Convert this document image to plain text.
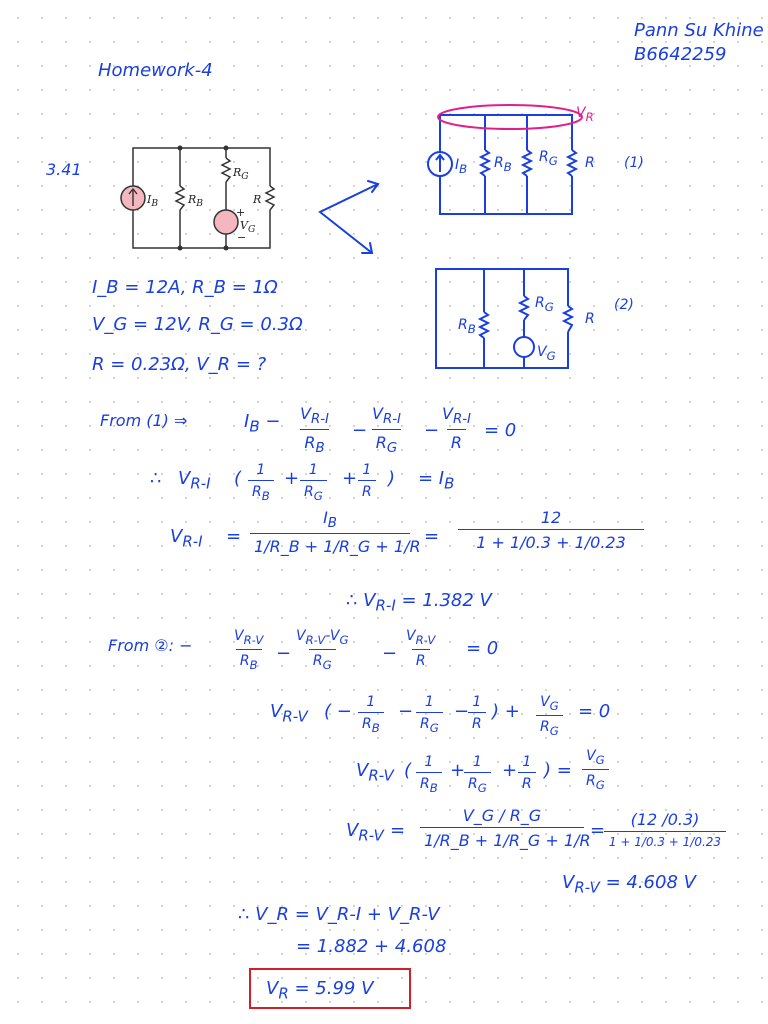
Pann Su Khine
B6642259
Homework-4
3.41
$I_B$	$R_B$
$R_G$
R
+
$V_G$
−
$I_B$ $R_B$
$R_G$ R (1)
$V_R$
$R_B$
$R_G$
R
$V_G$
(2)
I_B = 12A, R_B = 1Ω
V_G = 12V, R_G = 0.3Ω
R = 0.23Ω, V_R = ?
From (1) ⇒	$I_B - \frac{V_{R-I}}{R_B} - \frac{V_{R-I}}{R_G}$ −
$\frac{V_{R-I}}{R} = 0$
∴ $V_{R-I}$ ( $\frac{1}{R_B} + \frac{1}{R_G} + \frac{1}{R}$ ) = $I_B$
$V_{R-I} = \frac{I_B}{1/R\_B + 1/R\_G + 1/R} = \frac{12}{1 + 1/0.3 + 1/0.23}$
∴ $V_{R-I} = 1.382$ V
From ②: −	$\frac{V_{R-V}}{R_B} - \frac{V_{R-V}-V_G}{R_G} - \frac{V_{R-V}}{R} = 0$
$V_{R-V}$ ( − $\frac{1}{R_B} - \frac{1}{R_G}$ −
$\frac{1}{R}$ ) + $\frac{V_G}{R_G} = 0$
$V_{R-V}$ ( $\frac{1}{R_B}$ +
$\frac{1}{R_G} + \frac{1}{R}$ ) = $\frac{V_G}{R_G}$
$V_{R-V} = \frac{V\_G / R\_G}{1/R\_B + 1/R\_G + 1/R}$ =
(12 /0.3)
1 + 1/0.3 + 1/0.23
$V_{R-V} = 4.608$ V
∴ V_R = V_R-I + V_R-V
= 1.882 + 4.608
$V_R = 5.99$ V
